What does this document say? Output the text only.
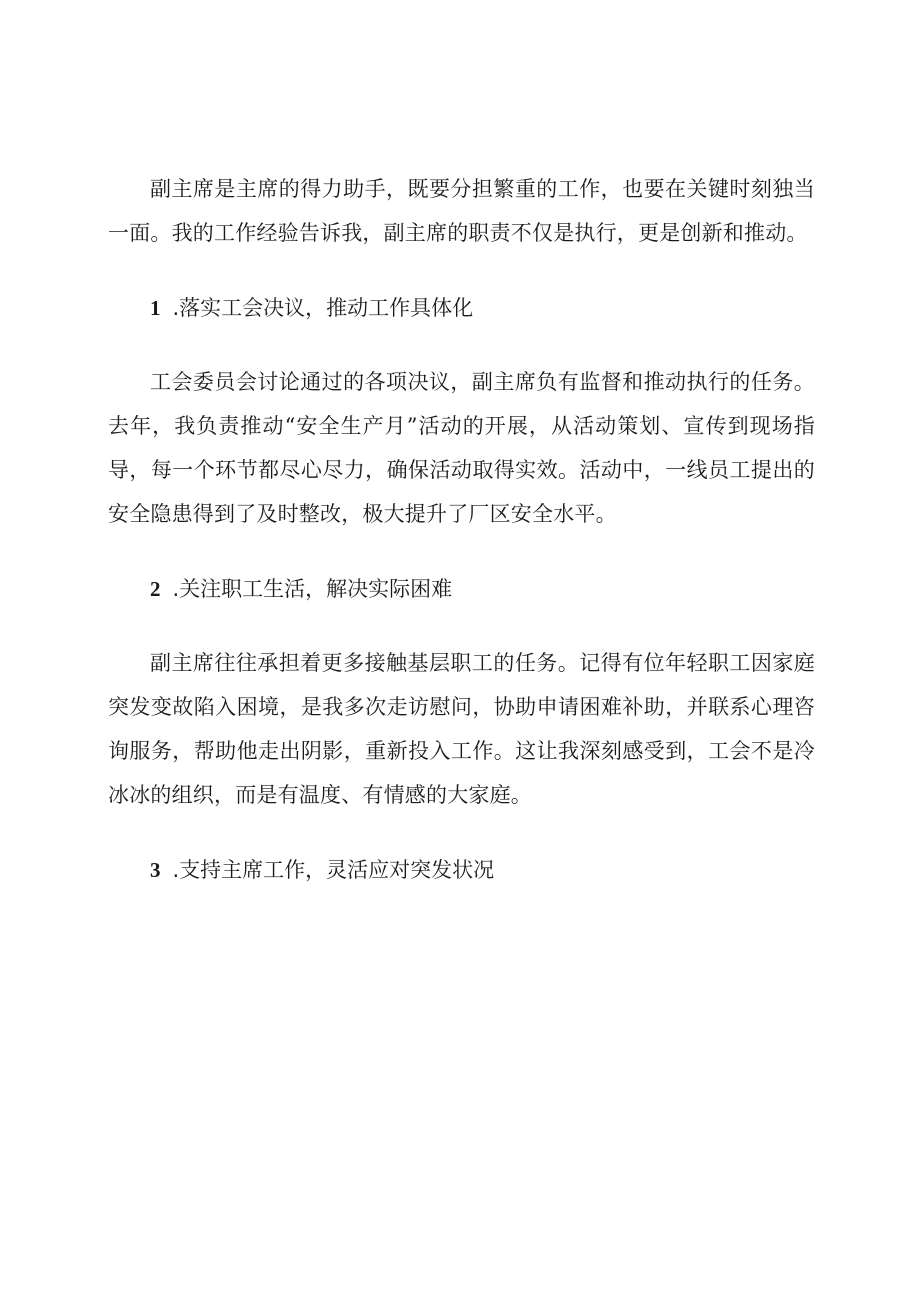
副主席是主席的得力助手，既要分担繁重的工作，也要在关键时刻独当一面。我的工作经验告诉我，副主席的职责不仅是执行，更是创新和推动。

1 .落实工会决议，推动工作具体化

工会委员会讨论通过的各项决议，副主席负有监督和推动执行的任务。去年，我负责推动“安全生产月”活动的开展，从活动策划、宣传到现场指导，每一个环节都尽心尽力，确保活动取得实效。活动中，一线员工提出的安全隐患得到了及时整改，极大提升了厂区安全水平。

2 .关注职工生活，解决实际困难

副主席往往承担着更多接触基层职工的任务。记得有位年轻职工因家庭突发变故陷入困境，是我多次走访慰问，协助申请困难补助，并联系心理咨询服务，帮助他走出阴影，重新投入工作。这让我深刻感受到，工会不是冷冰冰的组织，而是有温度、有情感的大家庭。

3 .支持主席工作，灵活应对突发状况
